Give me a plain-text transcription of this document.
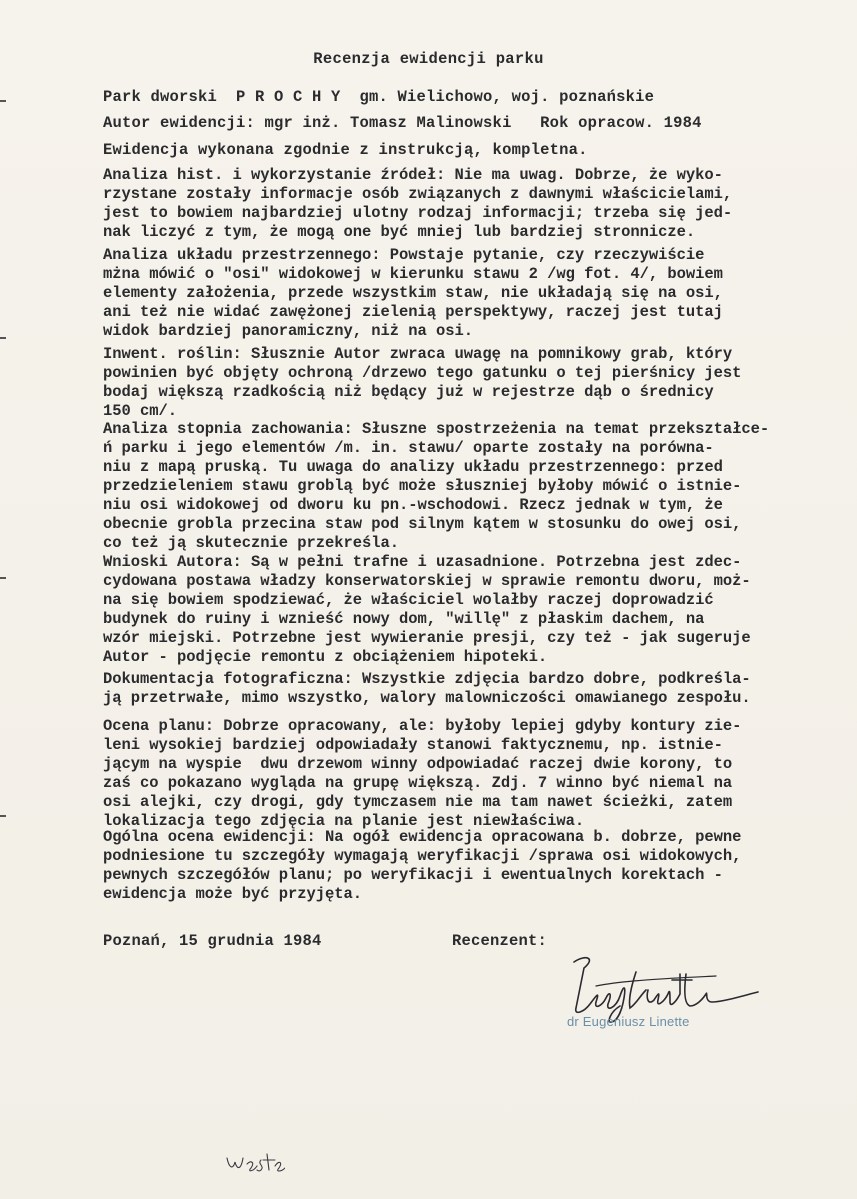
Recenzja ewidencji parku
Park dworski  P R O C H Y  gm. Wielichowo, woj. poznańskie
Autor ewidencji: mgr inż. Tomasz Malinowski   Rok opracow. 1984
Ewidencja wykonana zgodnie z instrukcją, kompletna.
Analiza hist. i wykorzystanie źródeł: Nie ma uwag. Dobrze, że wyko-
rzystane zostały informacje osób związanych z dawnymi właścicielami,
jest to bowiem najbardziej ulotny rodzaj informacji; trzeba się jed-
nak liczyć z tym, że mogą one być mniej lub bardziej stronnicze.
Analiza układu przestrzennego: Powstaje pytanie, czy rzeczywiście
mżna mówić o "osi" widokowej w kierunku stawu 2 /wg fot. 4/, bowiem
elementy założenia, przede wszystkim staw, nie układają się na osi,
ani też nie widać zawężonej zielenią perspektywy, raczej jest tutaj
widok bardziej panoramiczny, niż na osi.
Inwent. roślin: Słusznie Autor zwraca uwagę na pomnikowy grab, który
powinien być objęty ochroną /drzewo tego gatunku o tej pierśnicy jest
bodaj większą rzadkością niż będący już w rejestrze dąb o średnicy
150 cm/.
Analiza stopnia zachowania: Słuszne spostrzeżenia na temat przekształce-
ń parku i jego elementów /m. in. stawu/ oparte zostały na porówna-
niu z mapą pruską. Tu uwaga do analizy układu przestrzennego: przed
przedzieleniem stawu groblą być może słuszniej byłoby mówić o istnie-
niu osi widokowej od dworu ku pn.-wschodowi. Rzecz jednak w tym, że
obecnie grobla przecina staw pod silnym kątem w stosunku do owej osi,
co też ją skutecznie przekreśla.
Wnioski Autora: Są w pełni trafne i uzasadnione. Potrzebna jest zdec-
cydowana postawa władzy konserwatorskiej w sprawie remontu dworu, moż-
na się bowiem spodziewać, że właściciel wolałby raczej doprowadzić
budynek do ruiny i wznieść nowy dom, "willę" z płaskim dachem, na
wzór miejski. Potrzebne jest wywieranie presji, czy też - jak sugeruje
Autor - podjęcie remontu z obciążeniem hipoteki.
Dokumentacja fotograficzna: Wszystkie zdjęcia bardzo dobre, podkreśla-
ją przetrwałe, mimo wszystko, walory malowniczości omawianego zespołu.
Ocena planu: Dobrze opracowany, ale: byłoby lepiej gdyby kontury zie-
leni wysokiej bardziej odpowiadały stanowi faktycznemu, np. istnie-
jącym na wyspie  dwu drzewom winny odpowiadać raczej dwie korony, to
zaś co pokazano wygląda na grupę większą. Zdj. 7 winno być niemal na
osi alejki, czy drogi, gdy tymczasem nie ma tam nawet ścieżki, zatem
lokalizacja tego zdjęcia na planie jest niewłaściwa.
Ogólna ocena ewidencji: Na ogół ewidencja opracowana b. dobrze, pewne
podniesione tu szczegóły wymagają weryfikacji /sprawa osi widokowych,
pewnych szczegółów planu; po weryfikacji i ewentualnych korektach -
ewidencja może być przyjęta.
Poznań, 15 grudnia 1984	Recenzent:
dr Eugeniusz Linette
